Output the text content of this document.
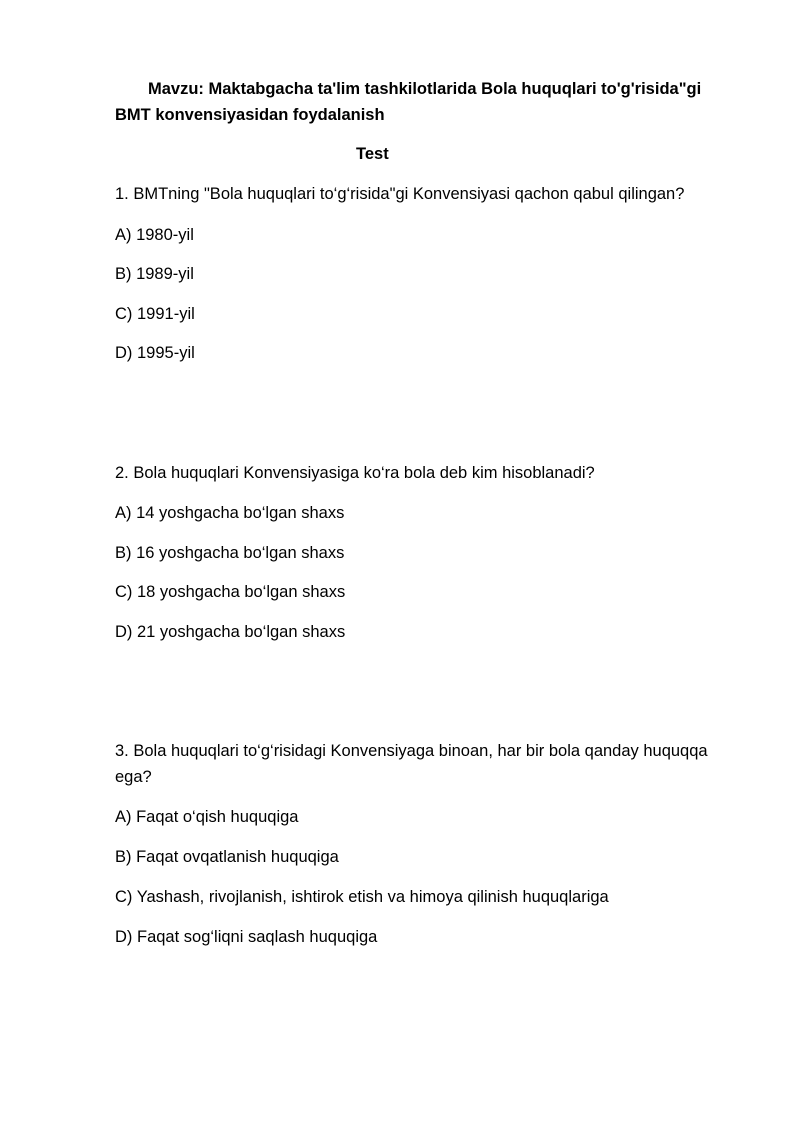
Mavzu: Maktabgacha ta'lim tashkilotlarida Bola huquqlari to'g'risida"gi
BMT konvensiyasidan foydalanish
Test
1. BMTning "Bola huquqlari to‘g‘risida"gi Konvensiyasi qachon qabul qilingan?
A) 1980-yil
B) 1989-yil
C) 1991-yil
D) 1995-yil
2. Bola huquqlari Konvensiyasiga ko‘ra bola deb kim hisoblanadi?
A) 14 yoshgacha bo‘lgan shaxs
B) 16 yoshgacha bo‘lgan shaxs
C) 18 yoshgacha bo‘lgan shaxs
D) 21 yoshgacha bo‘lgan shaxs
3. Bola huquqlari to‘g‘risidagi Konvensiyaga binoan, har bir bola qanday huquqqa ega?
A) Faqat o‘qish huquqiga
B) Faqat ovqatlanish huquqiga
C) Yashash, rivojlanish, ishtirok etish va himoya qilinish huquqlariga
D) Faqat sog‘liqni saqlash huquqiga
